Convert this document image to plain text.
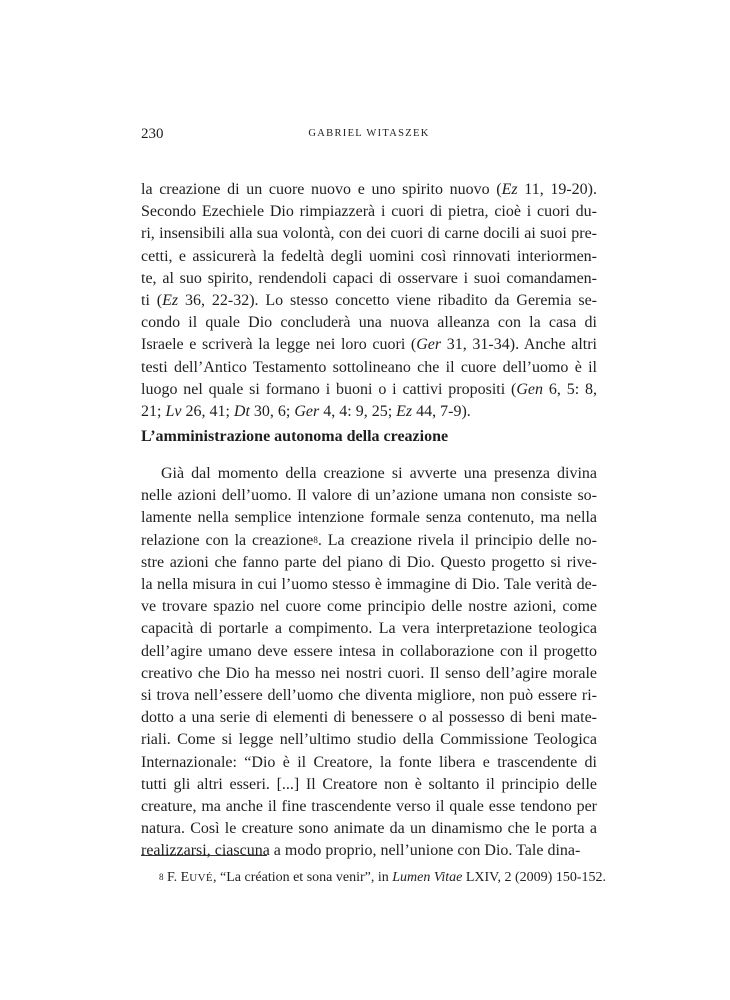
230	GABRIEL WITASZEK
la creazione di un cuore nuovo e uno spirito nuovo (Ez 11, 19-20).
Secondo Ezechiele Dio rimpiazzerà i cuori di pietra, cioè i cuori du-
ri, insensibili alla sua volontà, con dei cuori di carne docili ai suoi pre-
cetti, e assicurerà la fedeltà degli uomini così rinnovati interiormen-
te, al suo spirito, rendendoli capaci di osservare i suoi comandamen-
ti (Ez 36, 22-32). Lo stesso concetto viene ribadito da Geremia se-
condo il quale Dio concluderà una nuova alleanza con la casa di
Israele e scriverà la legge nei loro cuori (Ger 31, 31-34). Anche altri
testi dell’Antico Testamento sottolineano che il cuore dell’uomo è il
luogo nel quale si formano i buoni o i cattivi propositi (Gen 6, 5: 8,
21; Lv 26, 41; Dt 30, 6; Ger 4, 4: 9, 25; Ez 44, 7-9).
L’amministrazione autonoma della creazione
Già dal momento della creazione si avverte una presenza divina
nelle azioni dell’uomo. Il valore di un’azione umana non consiste so-
lamente nella semplice intenzione formale senza contenuto, ma nella
relazione con la creazione$^8$. La creazione rivela il principio delle no-
stre azioni che fanno parte del piano di Dio. Questo progetto si rive-
la nella misura in cui l’uomo stesso è immagine di Dio. Tale verità de-
ve trovare spazio nel cuore come principio delle nostre azioni, come
capacità di portarle a compimento. La vera interpretazione teologica
dell’agire umano deve essere intesa in collaborazione con il progetto
creativo che Dio ha messo nei nostri cuori. Il senso dell’agire morale
si trova nell’essere dell’uomo che diventa migliore, non può essere ri-
dotto a una serie di elementi di benessere o al possesso di beni mate-
riali. Come si legge nell’ultimo studio della Commissione Teologica
Internazionale: “Dio è il Creatore, la fonte libera e trascendente di
tutti gli altri esseri. [...] Il Creatore non è soltanto il principio delle
creature, ma anche il fine trascendente verso il quale esse tendono per
natura. Così le creature sono animate da un dinamismo che le porta a
realizzarsi, ciascuna a modo proprio, nell’unione con Dio. Tale dina-
$^8$ F. EUVÉ, “La création et sona venir”, in Lumen Vitae LXIV, 2 (2009) 150-152.
